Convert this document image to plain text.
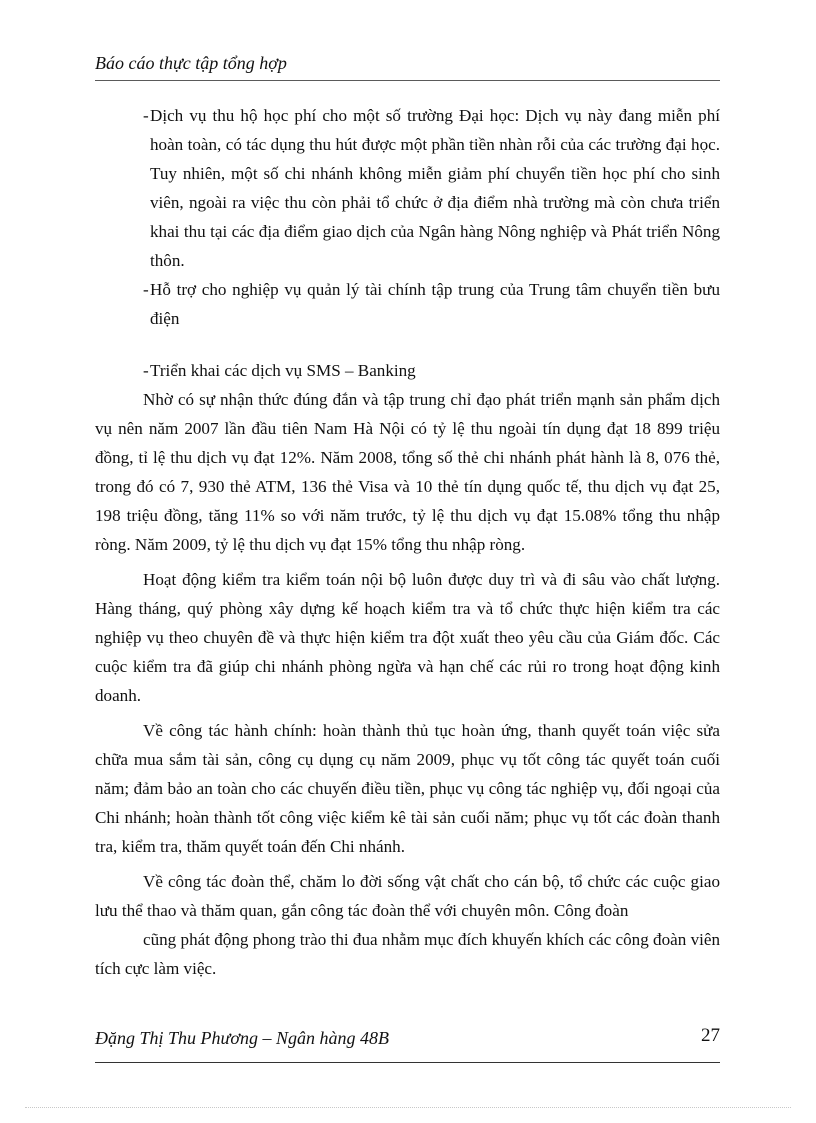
Báo cáo thực tập tổng hợp
- Dịch vụ thu hộ học phí cho một số trường Đại học: Dịch vụ này đang miễn phí hoàn toàn, có tác dụng thu hút được một phần tiền nhàn rỗi của các trường đại học. Tuy nhiên, một số chi nhánh không miễn giảm phí chuyển tiền học phí cho sinh viên, ngoài ra việc thu còn phải tổ chức ở địa điểm nhà trường mà còn chưa triển khai thu tại các địa điểm giao dịch của Ngân hàng Nông nghiệp và Phát triển Nông thôn.
- Hỗ trợ cho nghiệp vụ quản lý tài chính tập trung của Trung tâm chuyển tiền bưu điện
- Triển khai các dịch vụ SMS – Banking

Nhờ có sự nhận thức đúng đắn và tập trung chỉ đạo phát triển mạnh sản phẩm dịch vụ nên năm 2007 lần đầu tiên Nam Hà Nội có tỷ lệ thu ngoài tín dụng đạt 18 899 triệu đồng, tỉ lệ thu dịch vụ đạt 12%. Năm 2008, tổng số thẻ chi nhánh phát hành là 8, 076 thẻ, trong đó có 7, 930 thẻ ATM, 136 thẻ Visa và 10 thẻ tín dụng quốc tế, thu dịch vụ đạt 25, 198 triệu đồng, tăng 11% so với năm trước, tỷ lệ thu dịch vụ đạt 15.08% tổng thu nhập ròng. Năm 2009, tỷ lệ thu dịch vụ đạt 15% tổng thu nhập ròng.

Hoạt động kiểm tra kiểm toán nội bộ luôn được duy trì và đi sâu vào chất lượng. Hàng tháng, quý phòng xây dựng kế hoạch kiểm tra và tổ chức thực hiện kiểm tra các nghiệp vụ theo chuyên đề và thực hiện kiểm tra đột xuất theo yêu cầu của Giám đốc. Các cuộc kiểm tra đã giúp chi nhánh phòng ngừa và hạn chế các rủi ro trong hoạt động kinh doanh.

Về công tác hành chính: hoàn thành thủ tục hoàn ứng, thanh quyết toán việc sửa chữa mua sắm tài sản, công cụ dụng cụ năm 2009, phục vụ tốt công tác quyết toán cuối năm; đảm bảo an toàn cho các chuyến điều tiền, phục vụ công tác nghiệp vụ, đối ngoại của Chi nhánh; hoàn thành tốt công việc kiểm kê tài sản cuối năm; phục vụ tốt các đoàn thanh tra, kiểm tra, thăm quyết toán đến Chi nhánh.

Về công tác đoàn thể, chăm lo đời sống vật chất cho cán bộ, tổ chức các cuộc giao lưu thể thao và thăm quan, gắn công tác đoàn thể với chuyên môn. Công đoàn

cũng phát động phong trào thi đua nhằm mục đích khuyến khích các công đoàn viên tích cực làm việc.

Đặng Thị Thu Phương – Ngân hàng 48B	27
